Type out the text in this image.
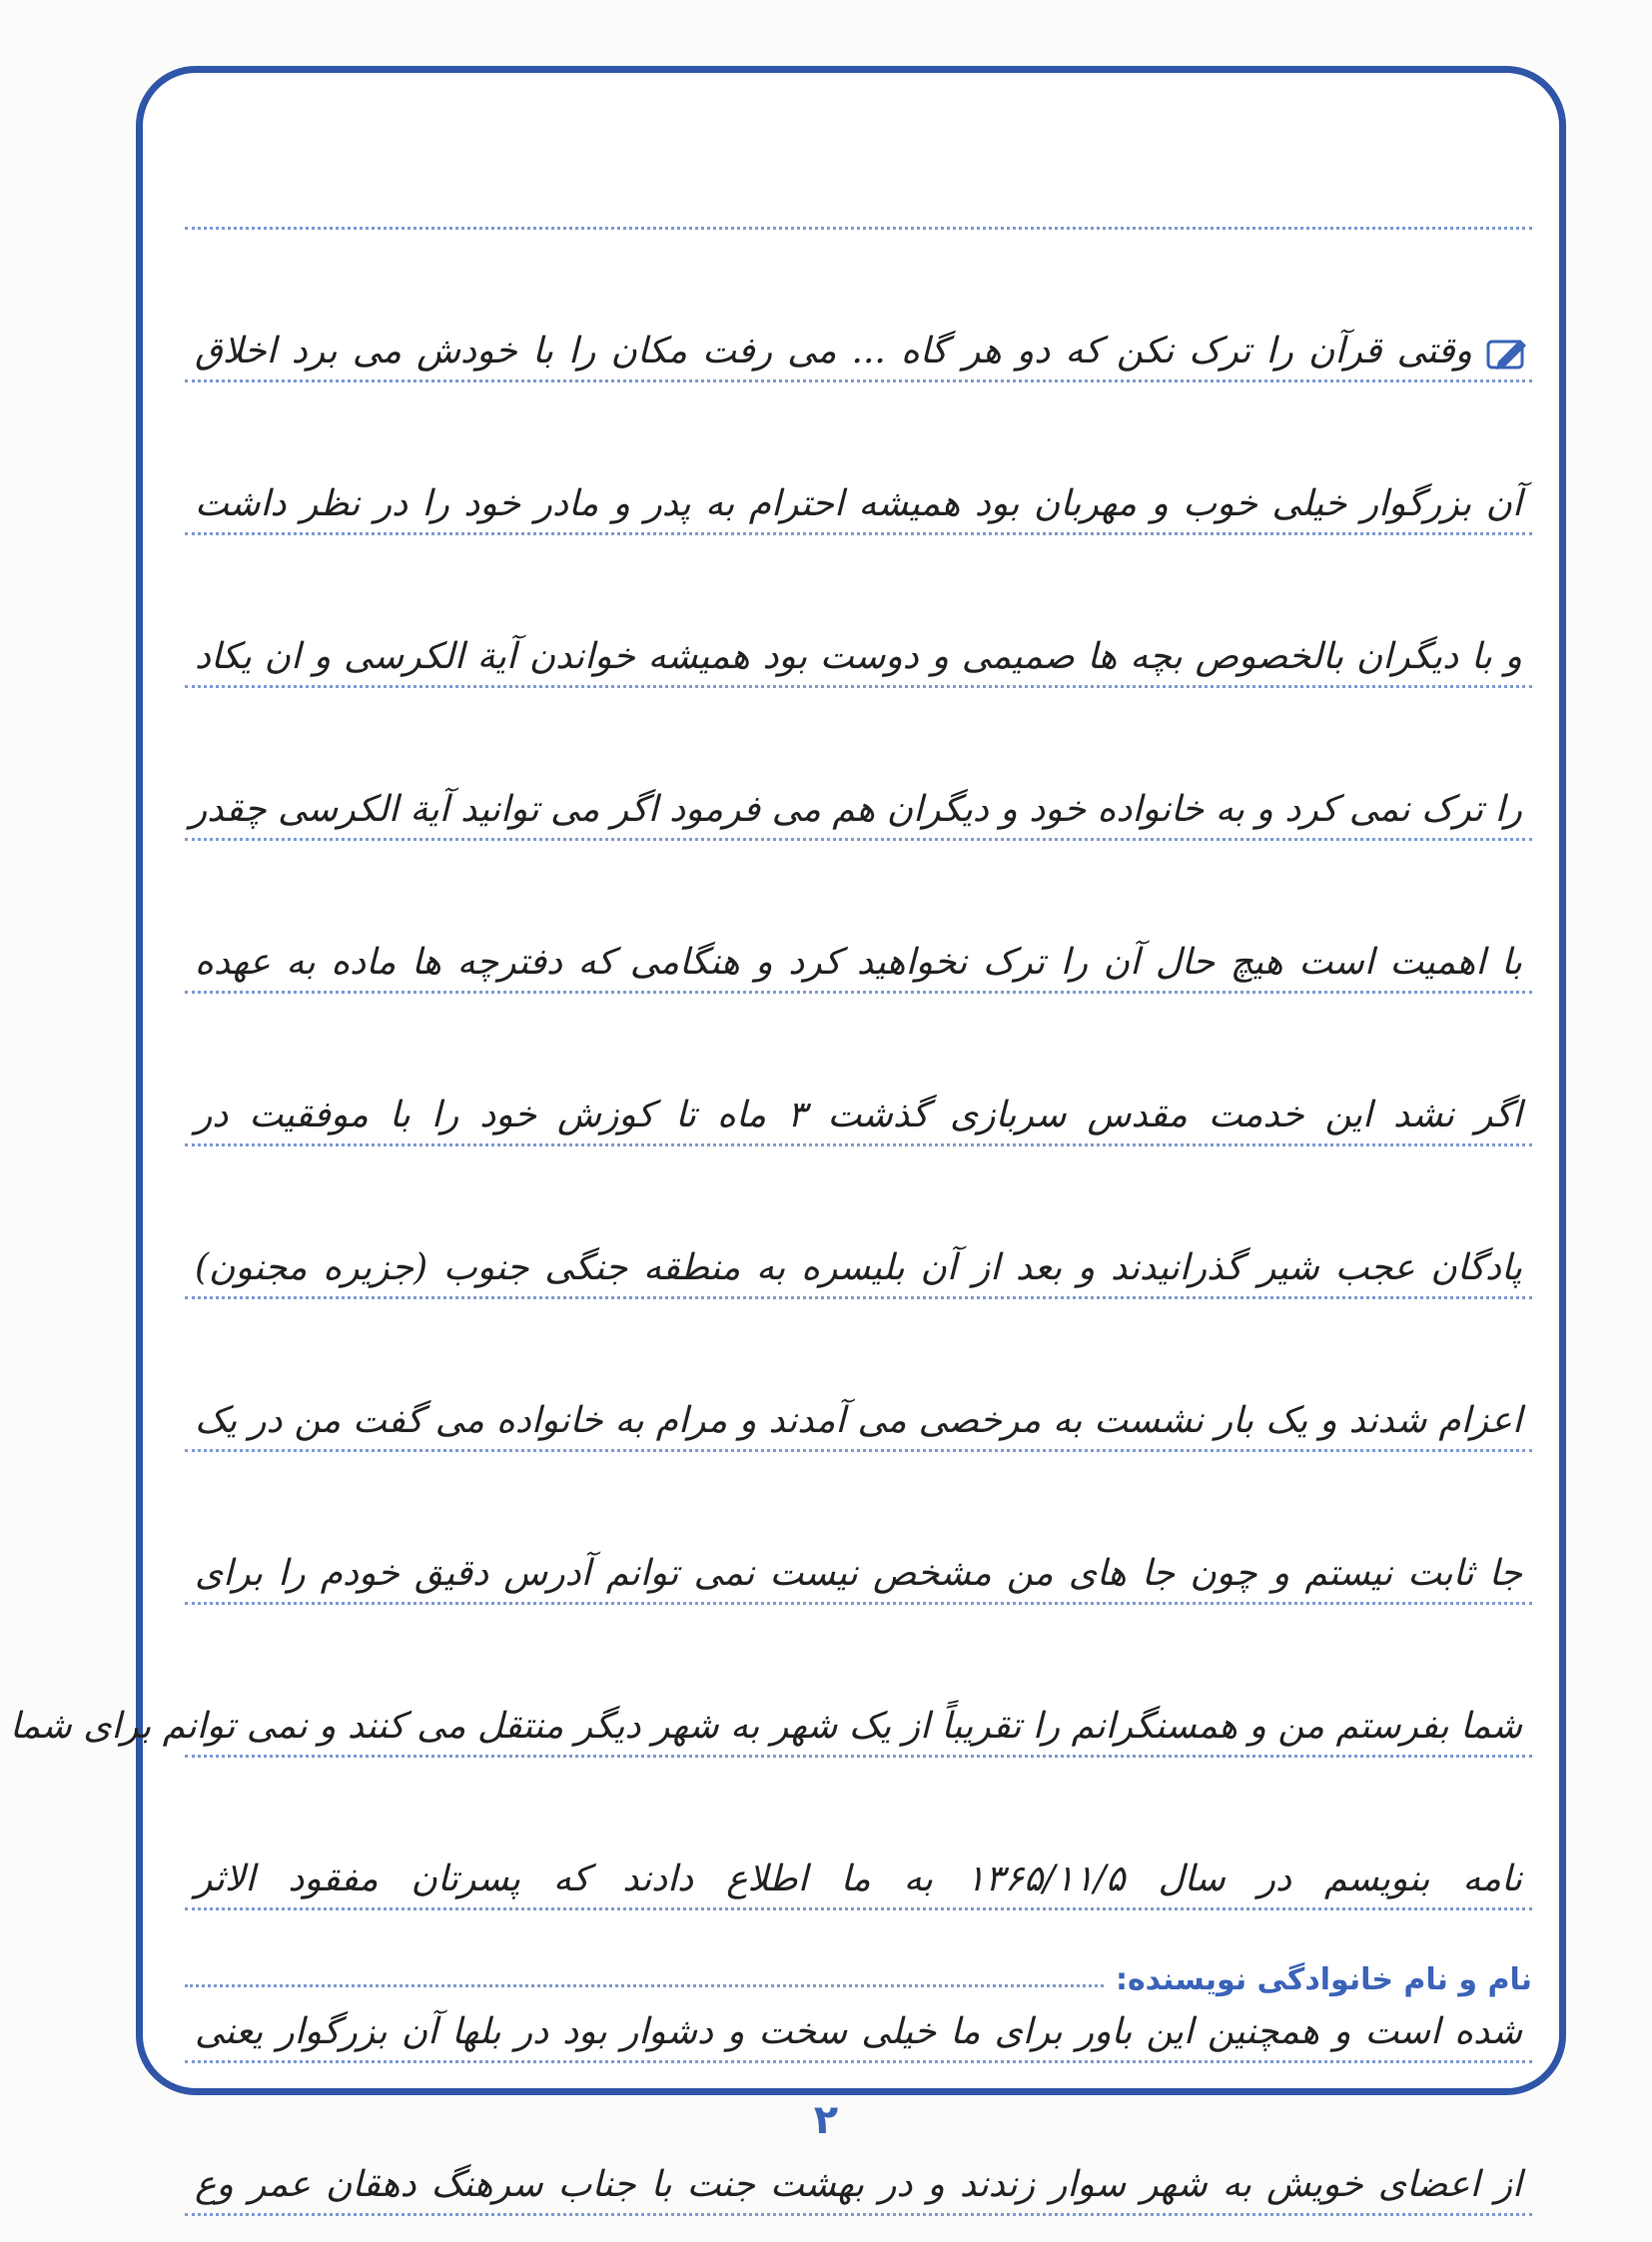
وقتی قرآن را ترک نکن که دو هر گاه ... می رفت مکان را با خودش می برد اخلاق
آن بزرگوار خیلی خوب و مهربان بود همیشه احترام به پدر و مادر خود را در نظر داشت
و با دیگران بالخصوص بچه ها صمیمی و دوست بود همیشه خواندن آیة الکرسی و ان یکاد
را ترک نمی کرد و به خانواده خود و دیگران هم می فرمود اگر می توانید آیة الکرسی چقدر
با اهمیت است هیچ حال آن را ترک نخواهید کرد و هنگامی که دفترچه ها ماده به عهده
اگر نشد این خدمت مقدس سربازی گذشت ۳ ماه تا کوزش خود را با موفقیت در
پادگان عجب شیر گذرانیدند و بعد از آن بلیسره به منطقه جنگی جنوب (جزیره مجنون)
اعزام شدند و یک بار نشست به مرخصی می آمدند و مرام به خانواده می گفت من در یک
جا ثابت نیستم و چون جا های من مشخص نیست نمی توانم آدرس دقیق خودم را برای
شما بفرستم من و همسنگرانم را تقریباً از یک شهر به شهر دیگر منتقل می کنند و نمی توانم برای شما
نامه بنویسم در سال ۱۳۶۵/۱۱/۵ به ما اطلاع دادند که پسرتان مفقود الاثر
شده است و همچنین این باور برای ما خیلی سخت و دشوار بود در بلها آن بزرگوار یعنی
از اعضای خویش به شهر سوار زندند و در بهشت جنت با جناب سرهنگ دهقان عمر وع
نام و نام خانوادگی نویسنده:
۲
